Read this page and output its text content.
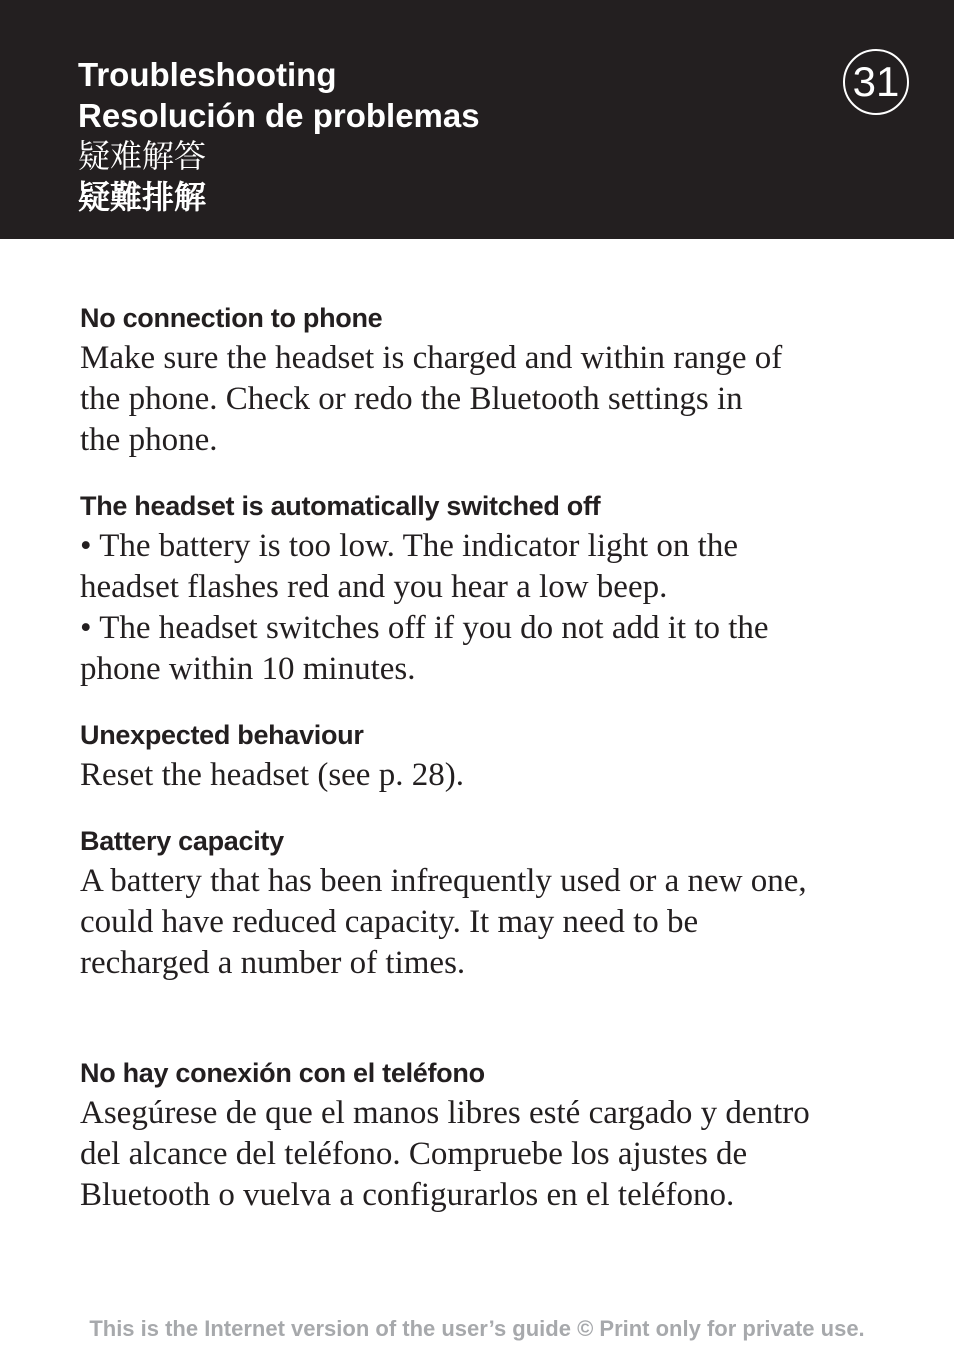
Troubleshooting
Resolución de problemas
疑难解答
疑難排解
31
No connection to phone

Make sure the headset is charged and within range of

the phone. Check or redo the Bluetooth settings in

the phone.

The headset is automatically switched off

• The battery is too low. The indicator light on the

headset flashes red and you hear a low beep.

• The headset switches off if you do not add it to the

phone within 10 minutes.

Unexpected behaviour

Reset the headset (see p. 28).

Battery capacity

A battery that has been infrequently used or a new one,

could have reduced capacity. It may need to be

recharged a number of times.

No hay conexión con el teléfono

Asegúrese de que el manos libres esté cargado y dentro

del alcance del teléfono. Compruebe los ajustes de

Bluetooth o vuelva a configurarlos en el teléfono.

This is the Internet version of the user’s guide © Print only for private use.
